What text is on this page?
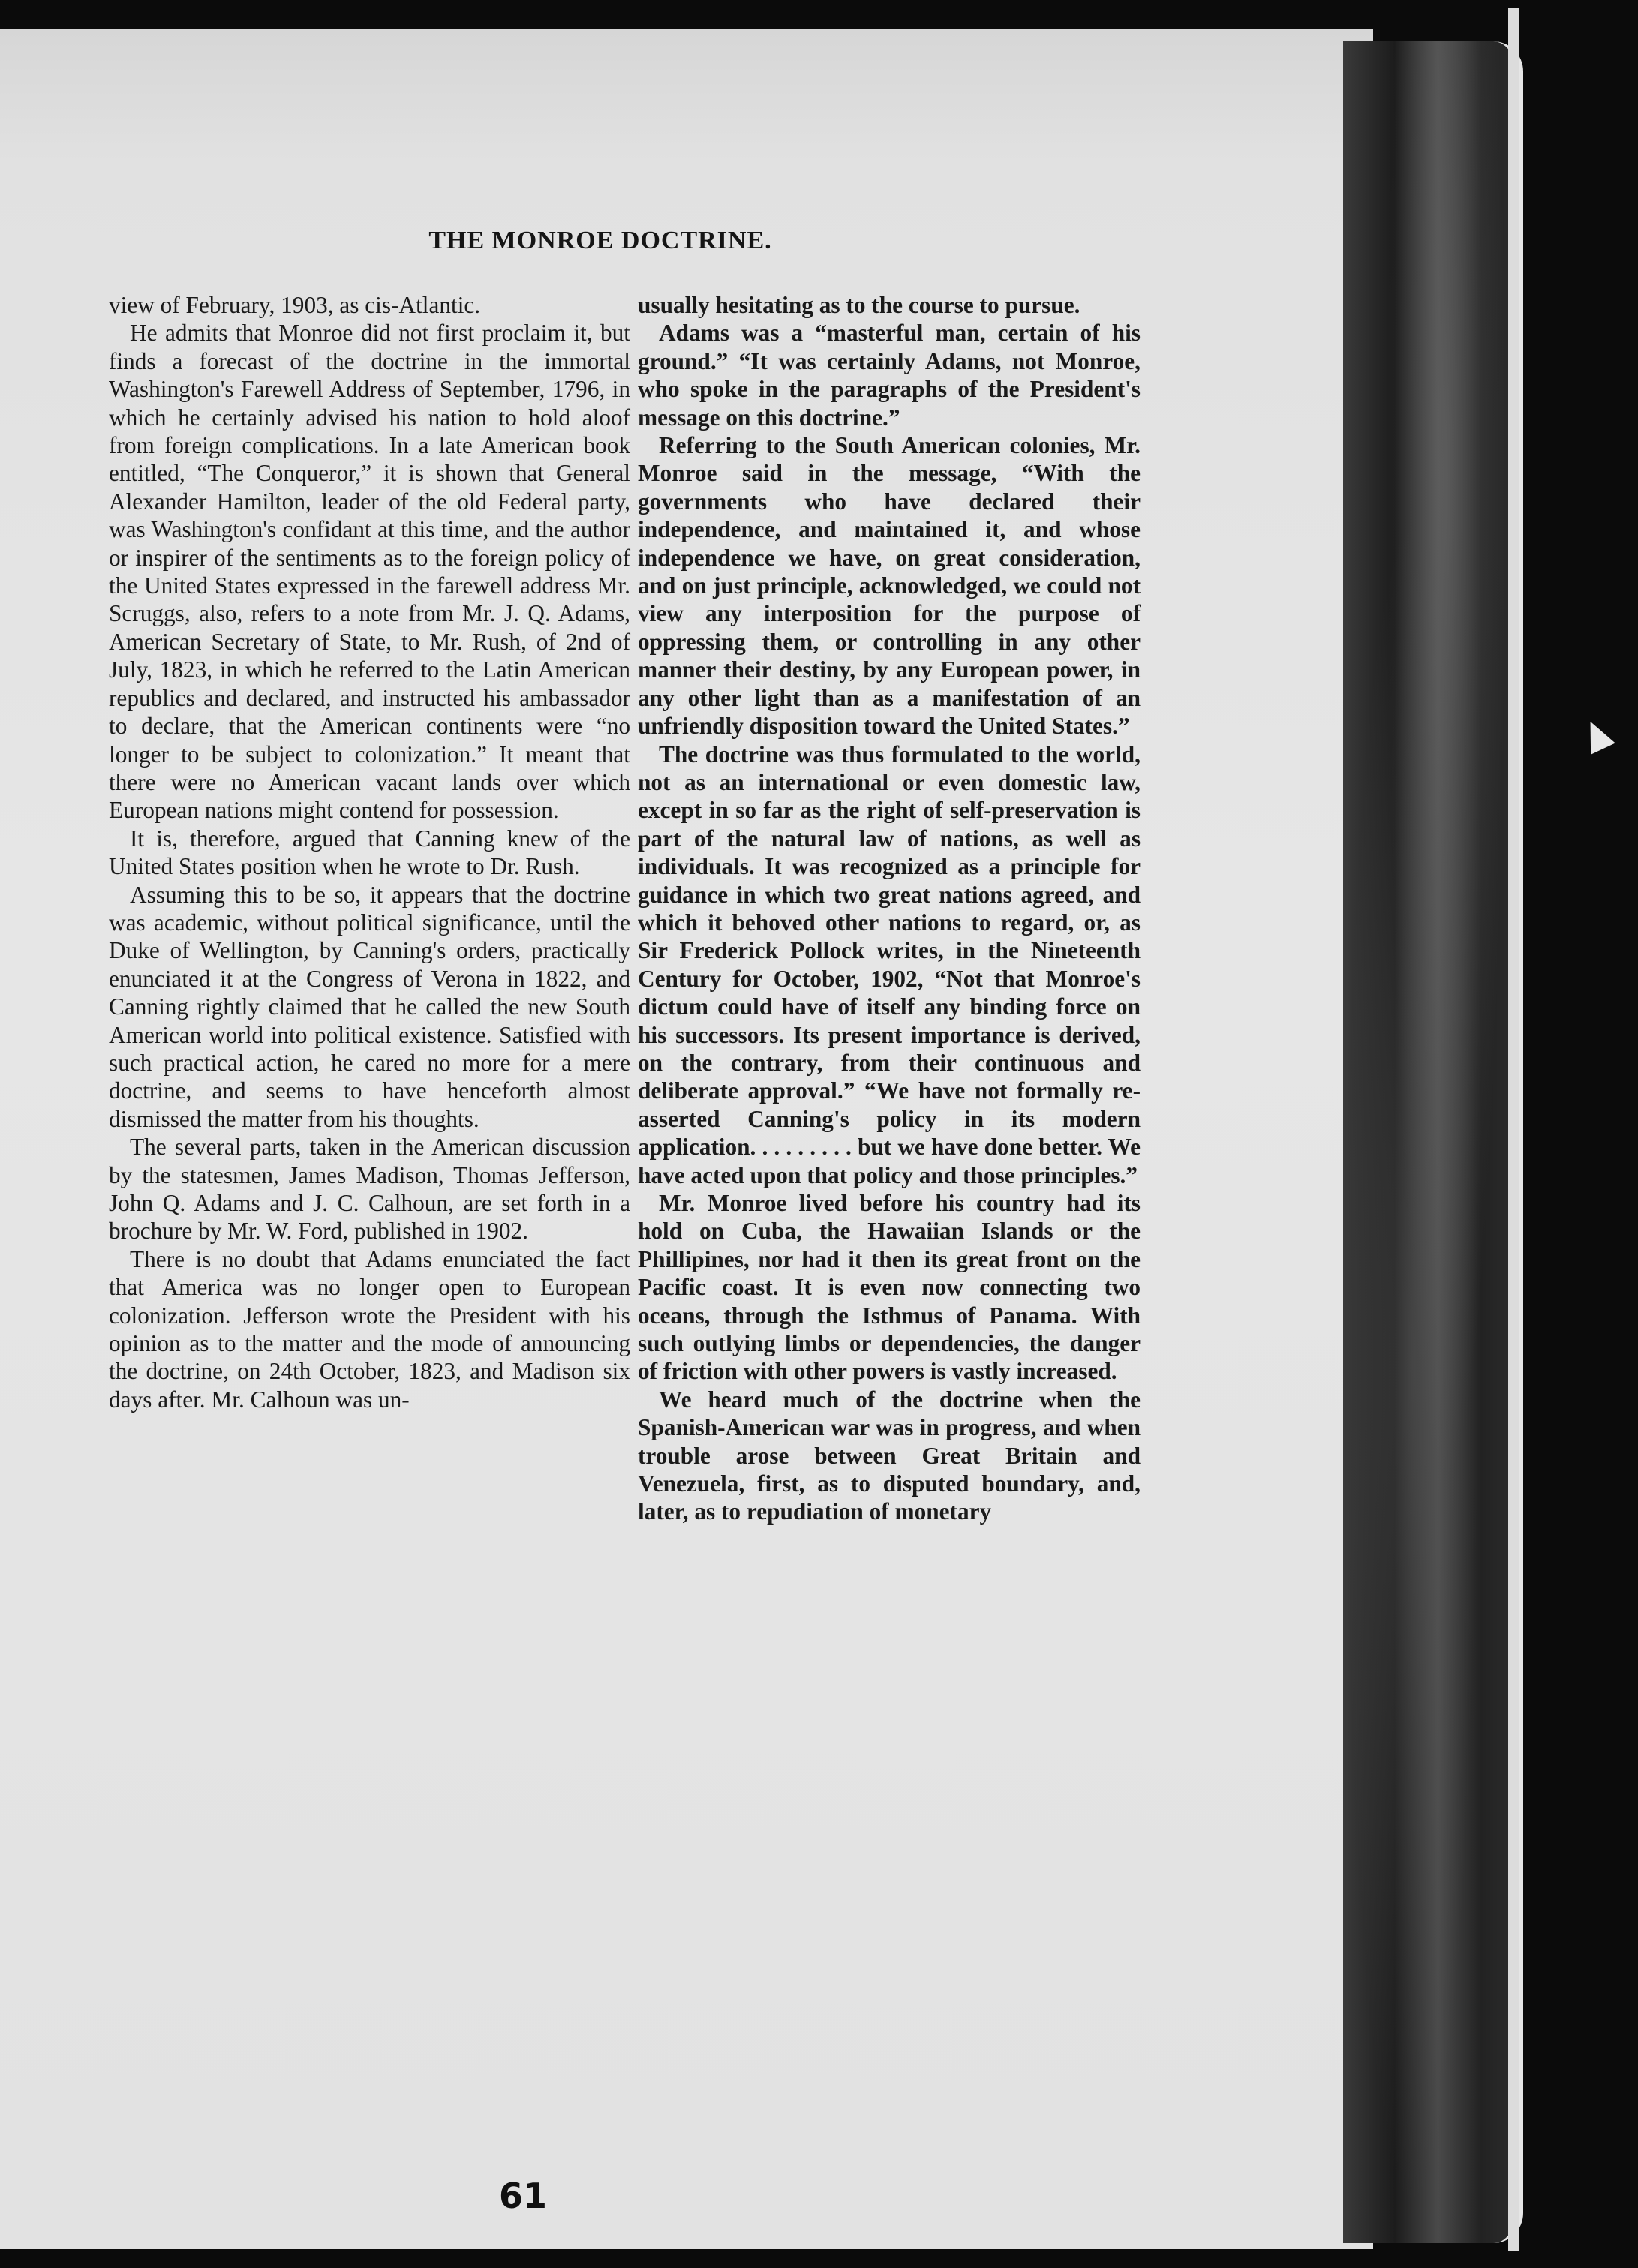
THE MONROE DOCTRINE.

view of February, 1903, as cis-Atlantic.

He admits that Monroe did not first proclaim it, but finds a forecast of the doctrine in the immortal Washington's Farewell Address of September, 1796, in which he certainly advised his nation to hold aloof from foreign complications. In a late American book entitled, “The Conqueror,” it is shown that General Alexander Hamilton, leader of the old Federal party, was Washington's confidant at this time, and the author or inspirer of the sentiments as to the foreign policy of the United States expressed in the farewell address Mr. Scruggs, also, refers to a note from Mr. J. Q. Adams, American Secretary of State, to Mr. Rush, of 2nd of July, 1823, in which he referred to the Latin American republics and declared, and instructed his ambassador to declare, that the American continents were “no longer to be subject to colonization.” It meant that there were no American vacant lands over which European nations might contend for possession.

It is, therefore, argued that Canning knew of the United States position when he wrote to Dr. Rush.

Assuming this to be so, it appears that the doctrine was academic, without political significance, until the Duke of Wellington, by Canning's orders, practically enunciated it at the Congress of Verona in 1822, and Canning rightly claimed that he called the new South American world into political existence. Satisfied with such practical action, he cared no more for a mere doctrine, and seems to have henceforth almost dismissed the matter from his thoughts.

The several parts, taken in the American discussion by the statesmen, James Madison, Thomas Jefferson, John Q. Adams and J. C. Calhoun, are set forth in a brochure by Mr. W. Ford, published in 1902.

There is no doubt that Adams enunciated the fact that America was no longer open to European colonization. Jefferson wrote the President with his opinion as to the matter and the mode of announcing the doctrine, on 24th October, 1823, and Madison six days after. Mr. Calhoun was un-

usually hesitating as to the course to pursue.

Adams was a “masterful man, certain of his ground.” “It was certainly Adams, not Monroe, who spoke in the paragraphs of the President's message on this doctrine.”

Referring to the South American colonies, Mr. Monroe said in the message, “With the governments who have declared their independence, and maintained it, and whose independence we have, on great consideration, and on just principle, acknowledged, we could not view any interposition for the purpose of oppressing them, or controlling in any other manner their destiny, by any European power, in any other light than as a manifestation of an unfriendly disposition toward the United States.”

The doctrine was thus formulated to the world, not as an international or even domestic law, except in so far as the right of self-preservation is part of the natural law of nations, as well as individuals. It was recognized as a principle for guidance in which two great nations agreed, and which it behoved other nations to regard, or, as Sir Frederick Pollock writes, in the Nineteenth Century for October, 1902, “Not that Monroe's dictum could have of itself any binding force on his successors. Its present importance is derived, on the contrary, from their continuous and deliberate approval.” “We have not formally re-asserted Canning's policy in its modern application. . . . . . . . . but we have done better. We have acted upon that policy and those principles.”

Mr. Monroe lived before his country had its hold on Cuba, the Hawaiian Islands or the Phillipines, nor had it then its great front on the Pacific coast. It is even now connecting two oceans, through the Isthmus of Panama. With such outlying limbs or dependencies, the danger of friction with other powers is vastly increased.

We heard much of the doctrine when the Spanish-American war was in progress, and when trouble arose between Great Britain and Venezuela, first, as to disputed boundary, and, later, as to repudiation of monetary

61
